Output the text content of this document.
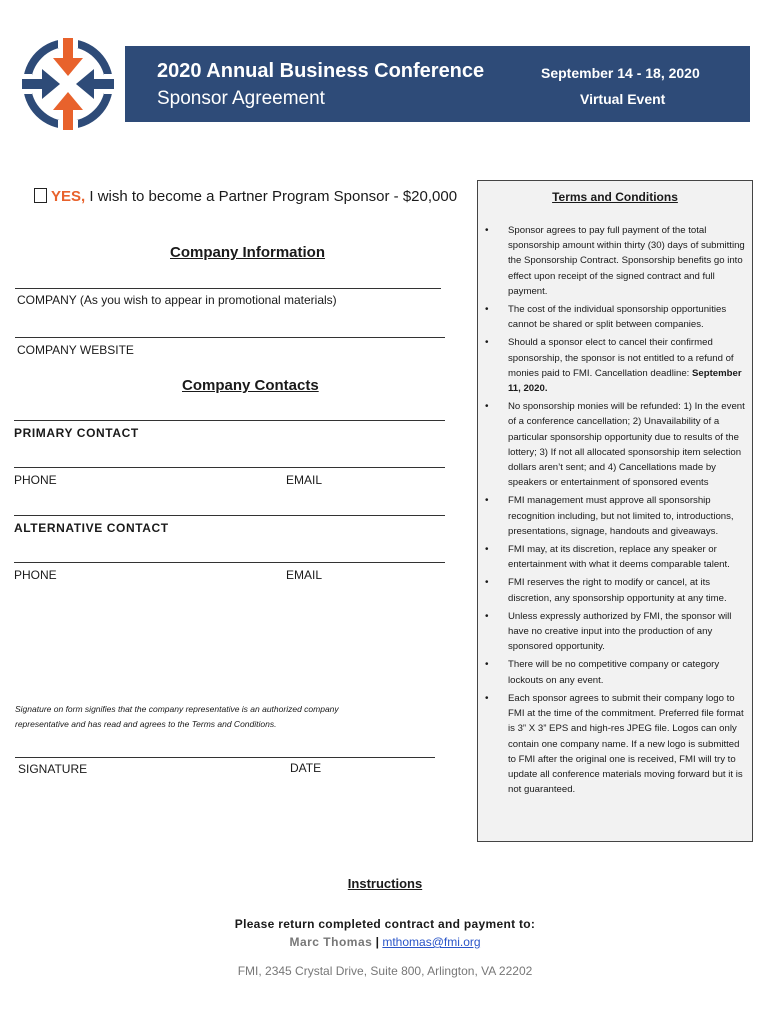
2020 Annual Business Conference
Sponsor Agreement
September 14 - 18, 2020
Virtual Event
YES, I wish to become a Partner Program Sponsor - $20,000
Company Information
COMPANY (As you wish to appear in promotional materials)
COMPANY WEBSITE
Company Contacts
PRIMARY CONTACT
PHONE	EMAIL
ALTERNATIVE CONTACT
PHONE	EMAIL
Signature on form signifies that the company representative is an authorized company representative and has read and agrees to the Terms and Conditions.
SIGNATURE	DATE
Terms and Conditions
• Sponsor agrees to pay full payment of the total sponsorship amount within thirty (30) days of submitting the Sponsorship Contract. Sponsorship benefits go into effect upon receipt of the signed contract and full payment.
• The cost of the individual sponsorship opportunities cannot be shared or split between companies.
• Should a sponsor elect to cancel their confirmed sponsorship, the sponsor is not entitled to a refund of monies paid to FMI. Cancellation deadline: September 11, 2020.
• No sponsorship monies will be refunded: 1) In the event of a conference cancellation; 2) Unavailability of a particular sponsorship opportunity due to results of the lottery; 3) If not all allocated sponsorship item selection dollars aren’t sent; and 4) Cancellations made by speakers or entertainment of sponsored events
• FMI management must approve all sponsorship recognition including, but not limited to, introductions, presentations, signage, handouts and giveaways.
• FMI may, at its discretion, replace any speaker or entertainment with what it deems comparable talent.
• FMI reserves the right to modify or cancel, at its discretion, any sponsorship opportunity at any time.
• Unless expressly authorized by FMI, the sponsor will have no creative input into the production of any sponsored opportunity.
• There will be no competitive company or category lockouts on any event.
• Each sponsor agrees to submit their company logo to FMI at the time of the commitment. Preferred file format is 3” X 3” EPS and high-res JPEG file. Logos can only contain one company name. If a new logo is submitted to FMI after the original one is received, FMI will try to update all conference materials moving forward but it is not guaranteed.
Instructions
Please return completed contract and payment to:
Marc Thomas | mthomas@fmi.org
FMI, 2345 Crystal Drive, Suite 800, Arlington, VA 22202
